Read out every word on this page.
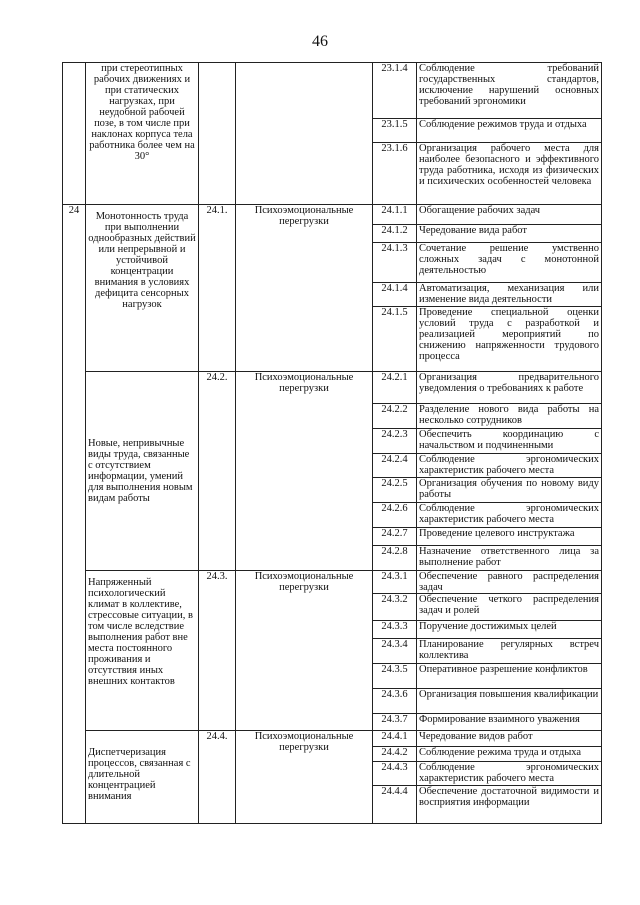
46
	при стереотипных рабочих движениях и при статических нагрузках, при неудобной рабочей позе, в том числе при наклонах корпуса тела работника более чем на 30°			23.1.4	Соблюдение требований государственных стандартов, исключение нарушений основных требований эргономики
				23.1.5	Соблюдение режимов труда и отдыха
				23.1.6	Организация рабочего места для наиболее безопасного и эффективного труда работника, исходя из физических и психических особенностей человека
24	Монотонность труда при выполнении однообразных действий или непрерывной и устойчивой концентрации внимания в условиях дефицита сенсорных нагрузок	24.1.	Психоэмоциональные перегрузки	24.1.1	Обогащение рабочих задач
				24.1.2	Чередование вида работ
				24.1.3	Сочетание решение умственно сложных задач с монотонной деятельностью
				24.1.4	Автоматизация, механизация или изменение вида деятельности
				24.1.5	Проведение специальной оценки условий труда с разработкой и реализацией мероприятий по снижению напряженности трудового процесса
	Новые, непривычные виды труда, связанные с отсутствием информации, умений для выполнения новым видам работы	24.2.	Психоэмоциональные перегрузки	24.2.1	Организация предварительного уведомления о требованиях к работе
				24.2.2	Разделение нового вида работы на несколько сотрудников
				24.2.3	Обеспечить координацию с начальством и подчиненными
				24.2.4	Соблюдение эргономических характеристик рабочего места
				24.2.5	Организация обучения по новому виду работы
				24.2.6	Соблюдение эргономических характеристик рабочего места
				24.2.7	Проведение целевого инструктажа
				24.2.8	Назначение ответственного лица за выполнение работ

	Напряженный психологический климат в коллективе, стрессовые ситуации, в том числе вследствие выполнения работ вне места постоянного проживания и отсутствия иных внешних контактов	24.3.	Психоэмоциональные перегрузки	24.3.1	Обеспечение равного распределения задач
				24.3.2	Обеспечение четкого распределения задач и ролей
				24.3.3	Поручение достижимых целей
				24.3.4	Планирование регулярных встреч коллектива
				24.3.5	Оперативное разрешение конфликтов
				24.3.6	Организация повышения квалификации
				24.3.7	Формирование взаимного уважения

	Диспетчеризация процессов, связанная с длительной концентрацией внимания	24.4.	Психоэмоциональные перегрузки	24.4.1	Чередование видов работ
				24.4.2	Соблюдение режима труда и отдыха
				24.4.3	Соблюдение эргономических характеристик рабочего места
				24.4.4	Обеспечение достаточной видимости и восприятия информации
